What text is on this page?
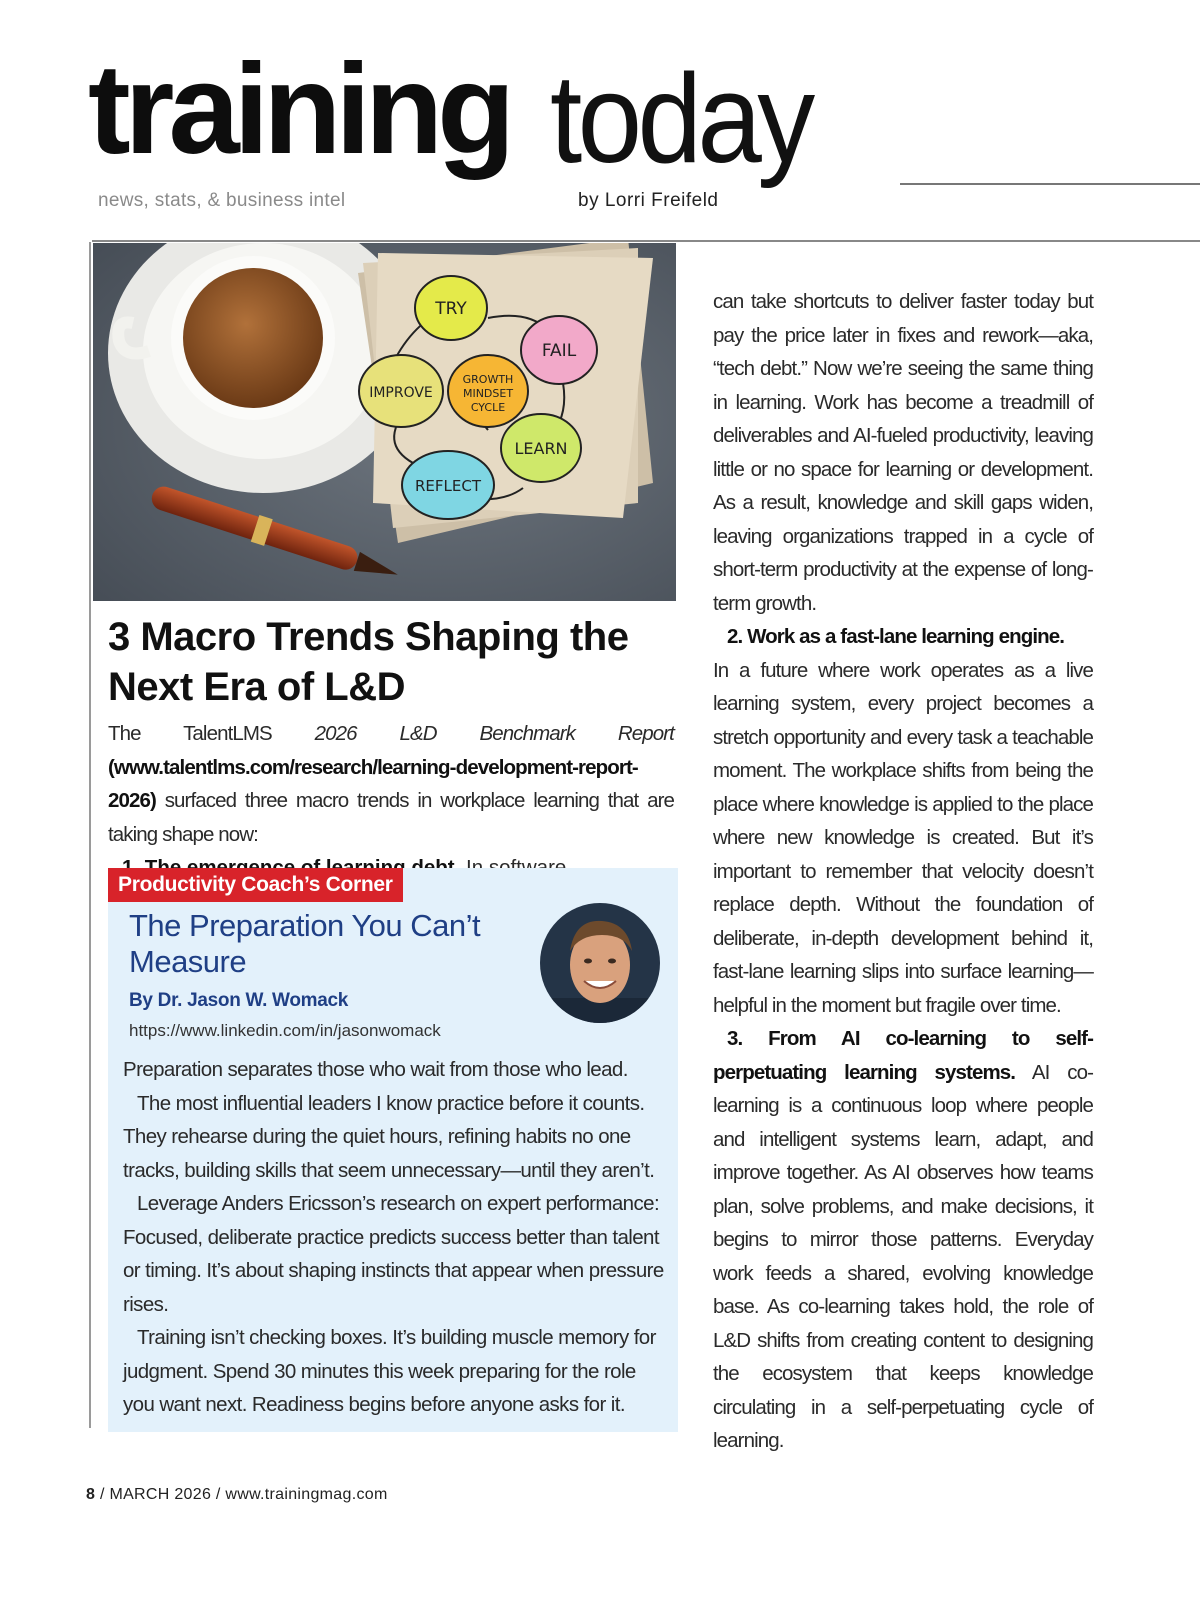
training today
news, stats, & business intel	by Lorri Freifeld
TRY
FAIL
LEARN
REFLECT
IMPROVE
GROWTH
MINDSET
CYCLE
3 Macro Trends Shaping the Next Era of L&D

The TalentLMS 2026 L&D Benchmark Report (www.talentlms.com/research/learning-development-report-2026) surfaced three macro trends in workplace learning that are taking shape now:

Productivity Coach’s Corner
The Preparation You Can’t Measure
By Dr. Jason W. Womack
https://www.linkedin.com/in/jasonwomack

Preparation separates those who wait from those who lead.

The most influential leaders I know practice before it counts. They rehearse during the quiet hours, refining habits no one tracks, building skills that seem unnecessary—until they aren’t.

Leverage Anders Ericsson’s research on expert performance: Focused, deliberate practice predicts success better than talent or timing. It’s about shaping instincts that appear when pressure rises.

Training isn’t checking boxes. It’s building muscle memory for judgment. Spend 30 minutes this week preparing for the role you want next. Readiness begins before anyone asks for it.

can take shortcuts to deliver faster today but pay the price later in fixes and rework—aka, “tech debt.” Now we’re seeing the same thing in learning. Work has become a treadmill of deliverables and AI-fueled productivity, leaving little or no space for learning or development. As a result, knowledge and skill gaps widen, leaving organizations trapped in a cycle of short-term productivity at the expense of long-term growth.

2. Work as a fast-lane learning engine.

In a future where work operates as a live learning system, every project becomes a stretch opportunity and every task a teachable moment. The workplace shifts from being the place where knowledge is applied to the place where new knowledge is created. But it’s important to remember that velocity doesn’t replace depth. Without the foundation of deliberate, in-depth development behind it, fast-lane learning slips into surface learning—helpful in the moment but fragile over time.

3. From AI co-learning to self-perpetuating learning systems. AI co-learning is a continuous loop where people and intelligent systems learn, adapt, and improve together. As AI observes how teams plan, solve problems, and make decisions, it begins to mirror those patterns. Everyday work feeds a shared, evolving knowledge base. As co-learning takes hold, the role of L&D shifts from creating content to designing the ecosystem that keeps knowledge circulating in a self-perpetuating cycle of learning.

8 / MARCH 2026 / www.trainingmag.com
